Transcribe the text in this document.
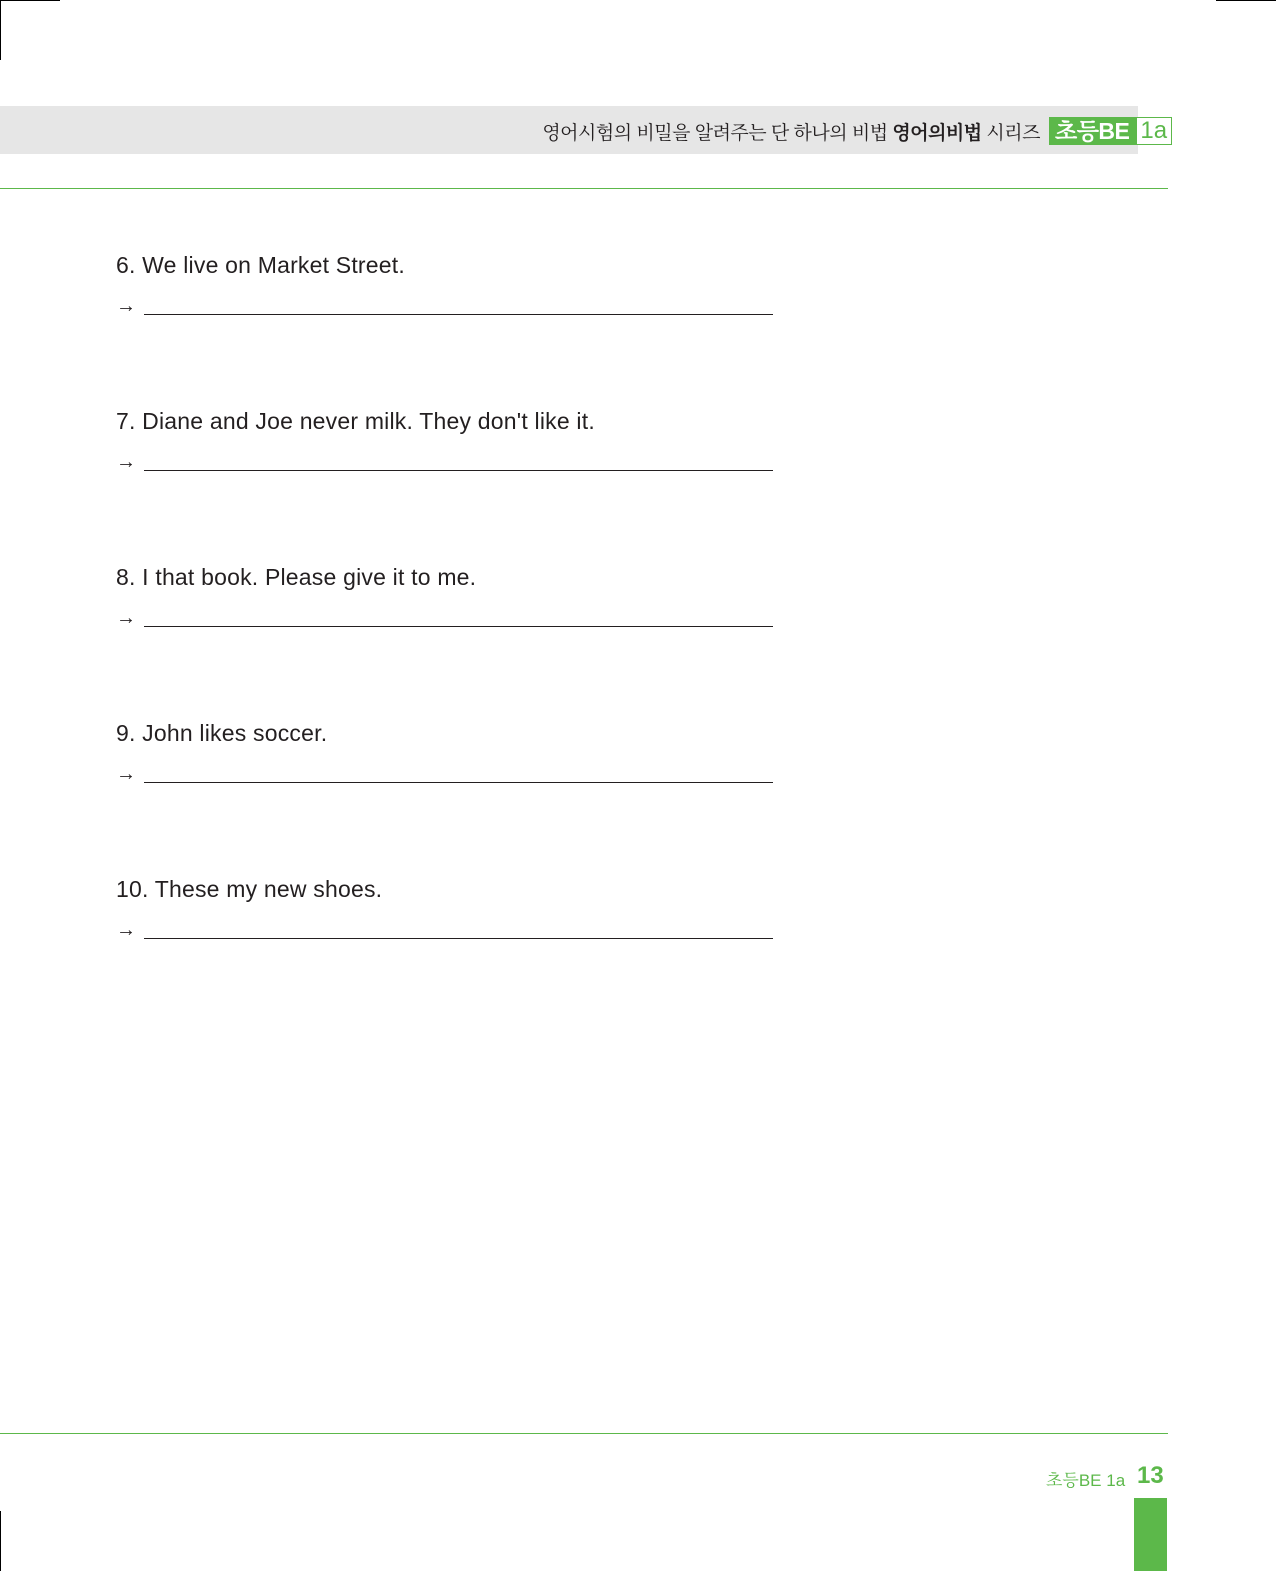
영어시험의 비밀을 알려주는 단 하나의 비법 영어의비법 시리즈 초등BE 1a
6. We live on Market Street.
→
7. Diane and Joe never milk. They don't like it.
→
8. I that book. Please give it to me.
→
9. John likes soccer.
→
10. These my new shoes.
→
초등BE 1a 13
